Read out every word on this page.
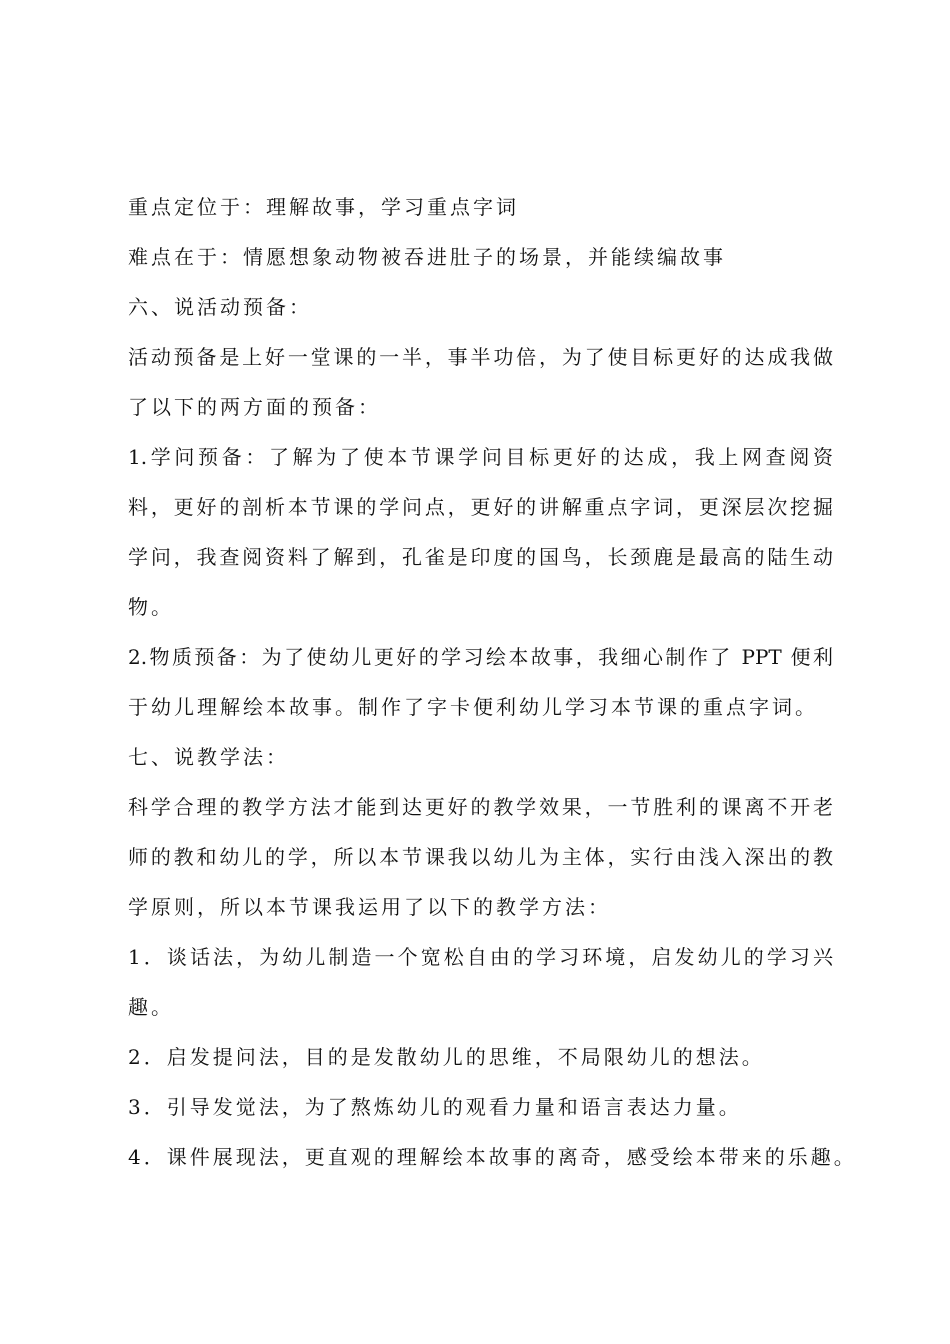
重点定位于：理解故事，学习重点字词
难点在于：情愿想象动物被吞进肚子的场景，并能续编故事
六、说活动预备：
活动预备是上好一堂课的一半，事半功倍，为了使目标更好的达成我做
了以下的两方面的预备：
1.学问预备：了解为了使本节课学问目标更好的达成，我上网查阅资
料，更好的剖析本节课的学问点，更好的讲解重点字词，更深层次挖掘
学问，我查阅资料了解到，孔雀是印度的国鸟，长颈鹿是最高的陆生动
物。
2.物质预备：为了使幼儿更好的学习绘本故事，我细心制作了 PPT 便利
于幼儿理解绘本故事。制作了字卡便利幼儿学习本节课的重点字词。
七、说教学法：
科学合理的教学方法才能到达更好的教学效果，一节胜利的课离不开老
师的教和幼儿的学，所以本节课我以幼儿为主体，实行由浅入深出的教
学原则，所以本节课我运用了以下的教学方法：
1．谈话法，为幼儿制造一个宽松自由的学习环境，启发幼儿的学习兴
趣。
2．启发提问法，目的是发散幼儿的思维，不局限幼儿的想法。
3．引导发觉法，为了熬炼幼儿的观看力量和语言表达力量。
4．课件展现法，更直观的理解绘本故事的离奇，感受绘本带来的乐趣。
